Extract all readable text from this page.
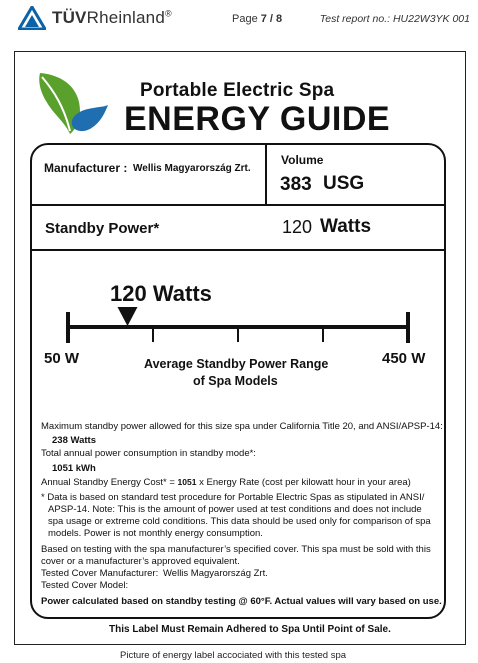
TÜVRheinland®	Page 7 / 8	Test report no.: HU22W3YK 001
Portable Electric Spa
ENERGY GUIDE
Manufacturer : Wellis Magyarország Zrt.
Volume
383 USG
Standby Power*	120 Watts
120 Watts
50 W	450 W
Average Standby Power Range
of Spa Models
Maximum standby power allowed for this size spa under California Title 20, and ANSI/APSP-14:
238 Watts
Total annual power consumption in standby mode*:
1051 kWh
Annual Standby Energy Cost* = 1051 x Energy Rate (cost per kilowatt hour in your area)
* Data is based on standard test procedure for Portable Electric Spas as stipulated in ANSI/
APSP-14. Note: This is the amount of power used at test conditions and does not include
spa usage or extreme cold conditions. This data should be used only for comparison of spa
models. Power is not monthly energy consumption.
Based on testing with the spa manufacturer’s specified cover. This spa must be sold with this
cover or a manufacturer’s approved equivalent.
Tested Cover Manufacturer: Wellis Magyarország Zrt.
Tested Cover Model:
Power calculated based on standby testing @ 60°F. Actual values will vary based on use.
This Label Must Remain Adhered to Spa Until Point of Sale.
Picture of energy label accociated with this tested spa
